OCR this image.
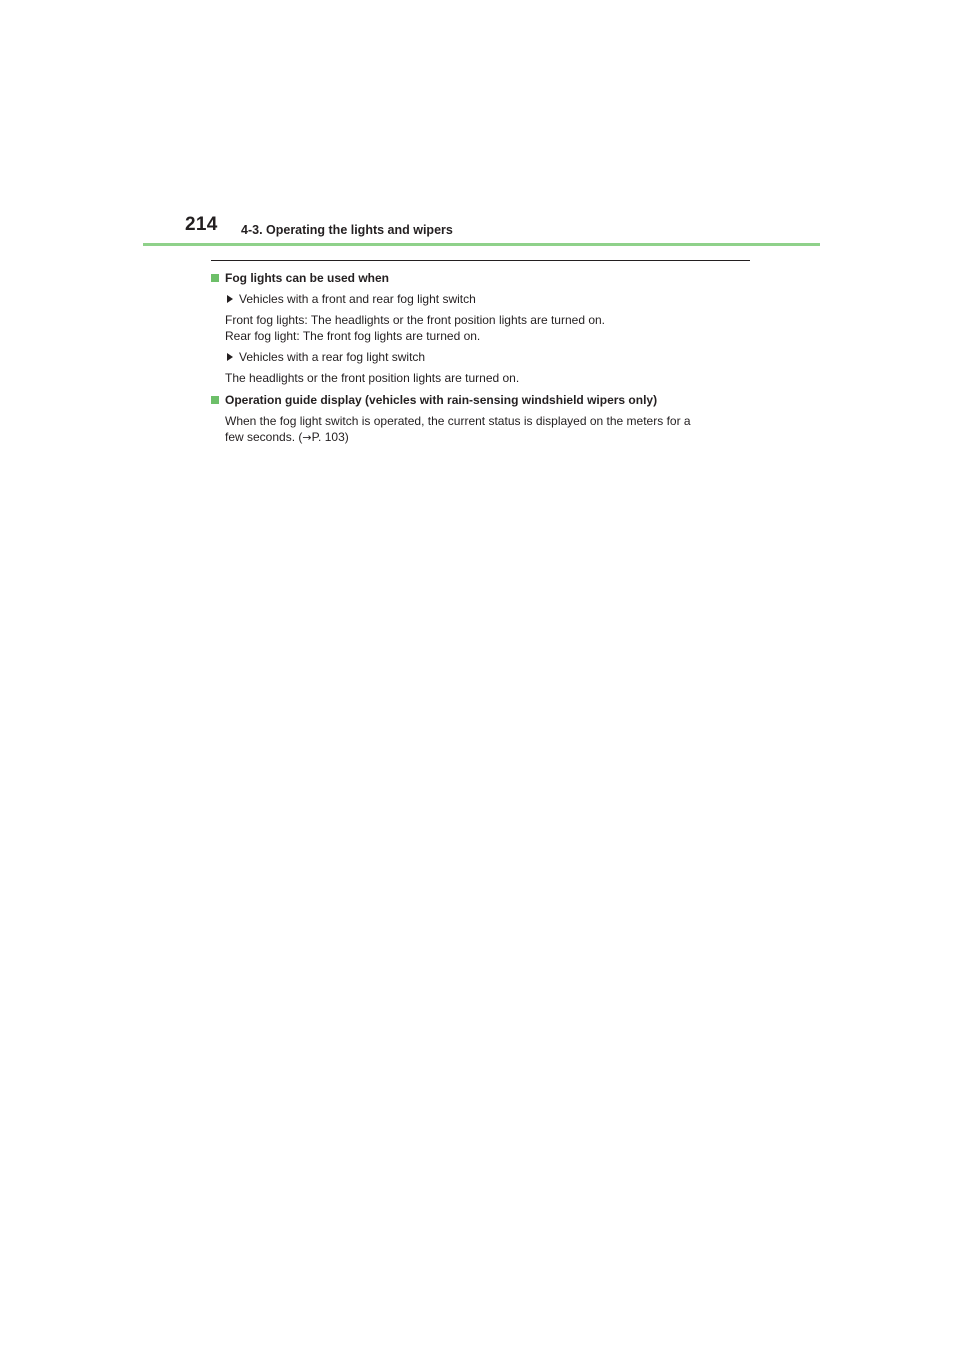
214 4-3. Operating the lights and wipers
Fog lights can be used when
Vehicles with a front and rear fog light switch
Front fog lights: The headlights or the front position lights are turned on.
Rear fog light: The front fog lights are turned on.
Vehicles with a rear fog light switch
The headlights or the front position lights are turned on.
Operation guide display (vehicles with rain-sensing windshield wipers only)
When the fog light switch is operated, the current status is displayed on the meters for a
few seconds. (→P. 103)
